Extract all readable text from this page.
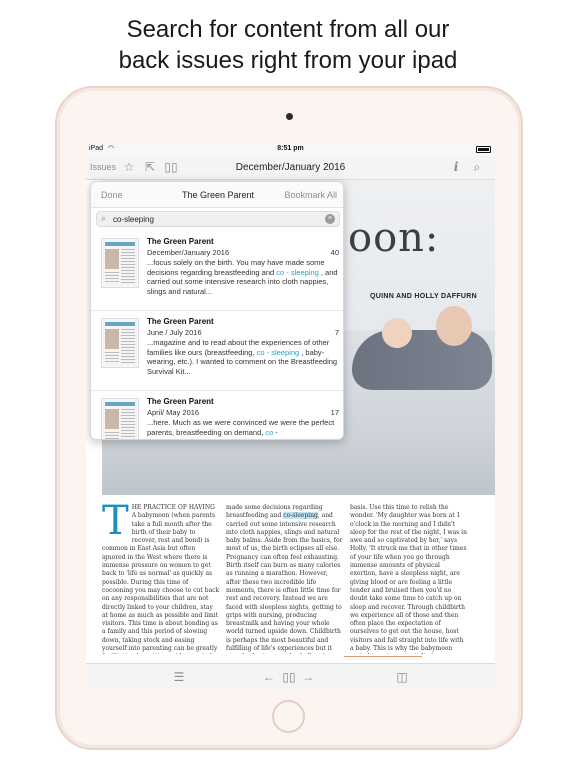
Search for content from all our
back issues right from your ipad
iPad ◠	8:51 pm
Issues ☆ ⇱ ▯▯	December/January 2016	i	⌕
oon:
QUINN AND HOLLY DAFFURN
T HE PRACTICE OF HAVING A babymoon (when parents take a full month after the birth of their baby to recover, rest and bond) is common in East Asia but often ignored in the West where there is immense pressure on women to get back to 'life as normal' as quickly as possible. During this time of cocooning you may choose to cut back on any responsibilities that are not directly linked to your children, stay at home as much as possible and limit visitors. This time is about bonding as a family and this period of slowing down, taking stock and easing yourself into parenting can be greatly
made some decisions regarding breastfeeding and co-sleeping, and carried out some intensive research into cloth nappies, slings and natural baby balms. Aside from the basics, for most of us, the birth eclipses all else. Pregnancy can often feel exhausting. Birth itself can burn as many calories as running a marathon. However, after these two incredible life moments, there is often little time for rest and recovery. Instead we are faced with sleepless nights, getting to grips with nursing, producing breastmilk and having your whole world turned upside down. Childbirth is perhaps the most beautiful and fulfilling of life's experiences but it
basis. Use this time to relish the wonder. 'My daughter was born at 1 o'clock in the morning and I didn't sleep for the rest of the night, I was in awe and so captivated by her,' says Holly. 'It struck me that in other times of your life when you go through immense amounts of physical exertion, have a sleepless night, are giving blood or are feeling a little tender and bruised then you'd no doubt take some time to catch up on sleep and recover. Through childbirth we experience all of those and then often place the expectation of ourselves to get out the house, host visitors and fall straight into life with a baby. This is why the babymoon
☰	← ▯▯ →	◫
Done	The Green Parent	Bookmark All
⌕
co-sleeping	×
The Green Parent
December/January 2016	40
...focus solely on the birth. You may have made some decisions regarding breastfeeding and co - sleeping , and carried out some intensive research into cloth nappies, slings and natural...
The Green Parent
June / July 2016	7
...magazine and to read about the experiences of other families like ours (breastfeeding, co - sleeping , baby-wearing, etc.). I wanted to comment on the Breastfeeding Survival Kit...
The Green Parent
April/ May 2016	17
...here. Much as we were convinced we were the perfect parents, breastfeeding on demand, co -
